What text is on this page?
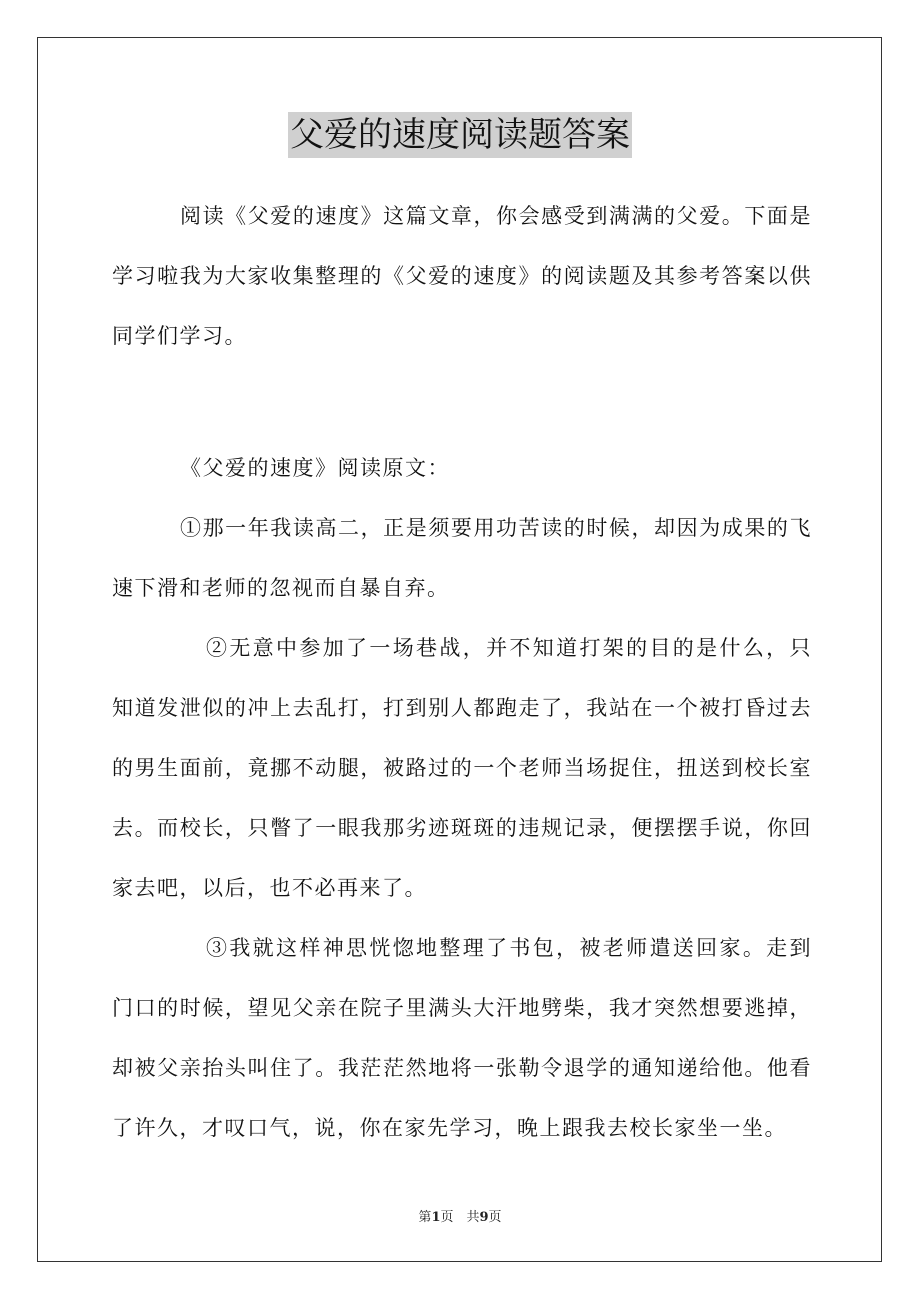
父爱的速度阅读题答案

阅读《父爱的速度》这篇文章，你会感受到满满的父爱。下面是学习啦我为大家收集整理的《父爱的速度》的阅读题及其参考答案以供同学们学习。

《父爱的速度》阅读原文：

①那一年我读高二，正是须要用功苦读的时候，却因为成果的飞速下滑和老师的忽视而自暴自弃。

②无意中参加了一场巷战，并不知道打架的目的是什么，只知道发泄似的冲上去乱打，打到别人都跑走了，我站在一个被打昏过去的男生面前，竟挪不动腿，被路过的一个老师当场捉住，扭送到校长室去。而校长，只瞥了一眼我那劣迹斑斑的违规记录，便摆摆手说，你回家去吧，以后，也不必再来了。

③我就这样神思恍惚地整理了书包，被老师遣送回家。走到门口的时候，望见父亲在院子里满头大汗地劈柴，我才突然想要逃掉，却被父亲抬头叫住了。我茫茫然地将一张勒令退学的通知递给他。他看了许久，才叹口气，说，你在家先学习，晚上跟我去校长家坐一坐。

第1页　共9页
